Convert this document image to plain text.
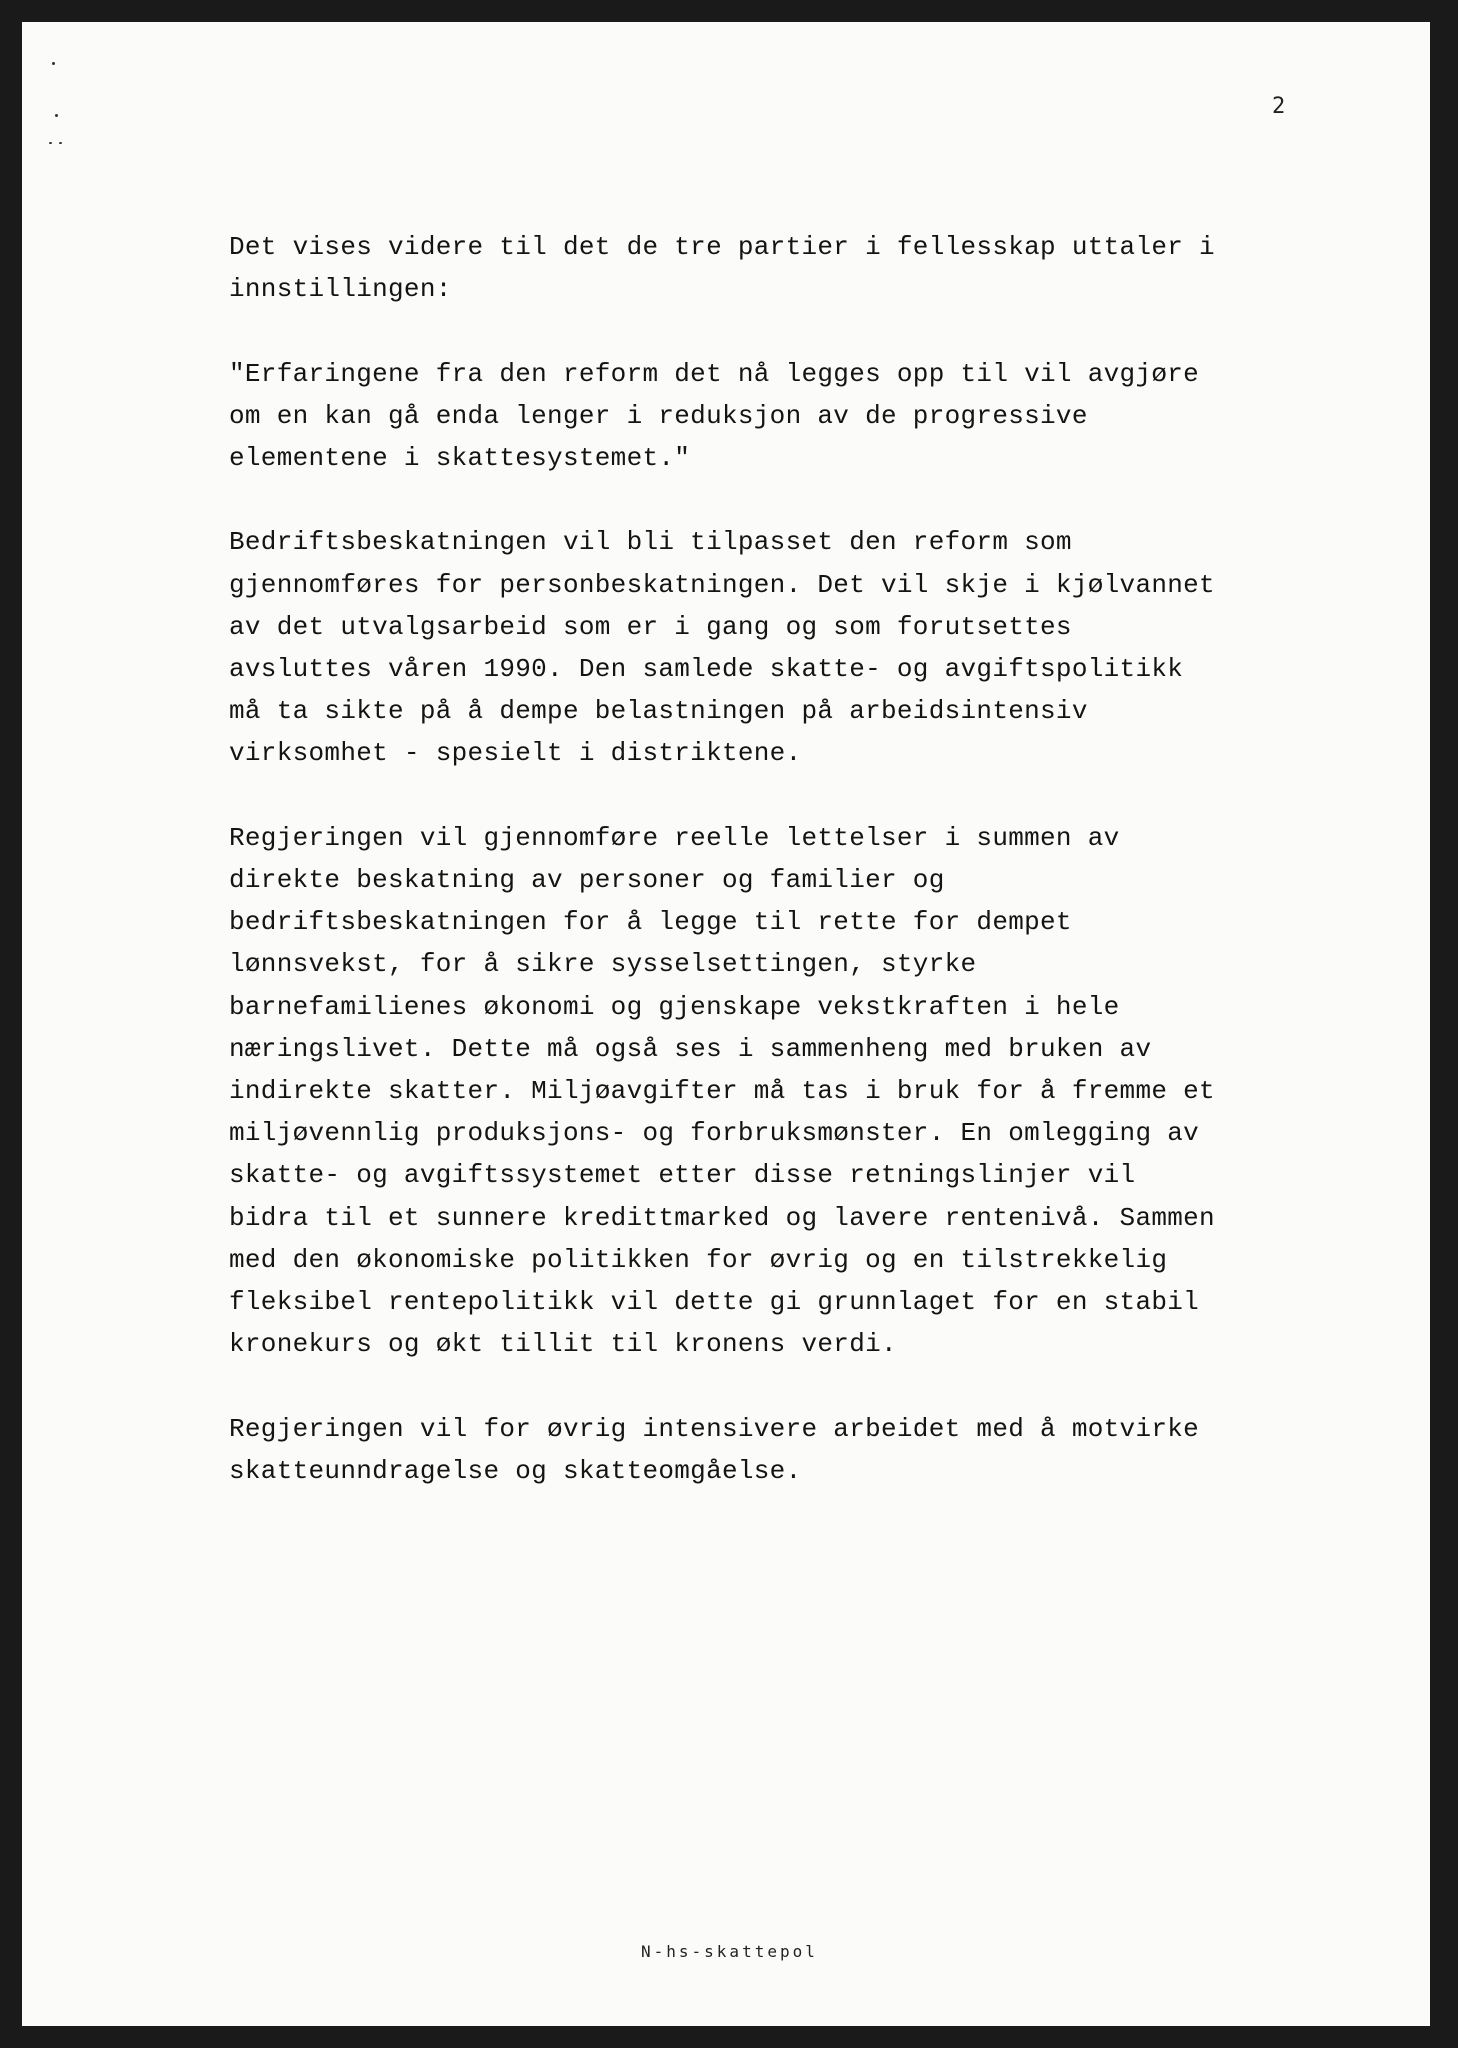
2
Det vises videre til det de tre partier i fellesskap uttaler i
innstillingen:
"Erfaringene fra den reform det nå legges opp til vil avgjøre
om en kan gå enda lenger i reduksjon av de progressive
elementene i skattesystemet."
Bedriftsbeskatningen vil bli tilpasset den reform som
gjennomføres for personbeskatningen. Det vil skje i kjølvannet
av det utvalgsarbeid som er i gang og som forutsettes
avsluttes våren 1990. Den samlede skatte- og avgiftspolitikk
må ta sikte på å dempe belastningen på arbeidsintensiv
virksomhet - spesielt i distriktene.
Regjeringen vil gjennomføre reelle lettelser i summen av
direkte beskatning av personer og familier og
bedriftsbeskatningen for å legge til rette for dempet
lønnsvekst, for å sikre sysselsettingen, styrke
barnefamilienes økonomi og gjenskape vekstkraften i hele
næringslivet. Dette må også ses i sammenheng med bruken av
indirekte skatter. Miljøavgifter må tas i bruk for å fremme et
miljøvennlig produksjons- og forbruksmønster. En omlegging av
skatte- og avgiftssystemet etter disse retningslinjer vil
bidra til et sunnere kredittmarked og lavere rentenivå. Sammen
med den økonomiske politikken for øvrig og en tilstrekkelig
fleksibel rentepolitikk vil dette gi grunnlaget for en stabil
kronekurs og økt tillit til kronens verdi.
Regjeringen vil for øvrig intensivere arbeidet med å motvirke
skatteunndragelse og skatteomgåelse.
N-hs-skattepol
